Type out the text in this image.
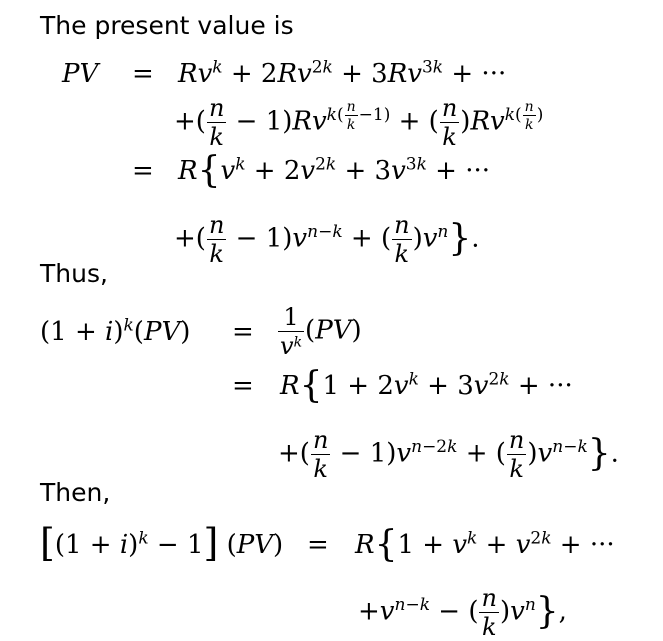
The present value is
PV = $Rv^k + 2Rv^{2k} + 3Rv^{3k}$ + ···
+( $\frac{n}{k} - 1)Rv^{k( \frac{n}{k} -1)}$ + ( $\frac{n}{k} )Rv^{k( \frac{n}{k} )}$
= $R\{v^k + 2v^{2k} + 3v^{3k}$ + ···
+( $\frac{n}{k} - 1)v^{n-k}$ + ( $\frac{n}{k} )v^n$}.
Thus,
$(1 + i)^k(PV) = \frac{1}{v^k} (PV)$
= $R\{1 + 2v^k + 3v^{2k}$ + ···
+( $\frac{n}{k} - 1)v^{n-2k}$ + ( $\frac{n}{k} )v^{n-k}$}.
Then,
$[(1 + i)^k - 1]$ $(PV) = R\{1 + v^k + v^{2k}$ + ···
$+v^{n-k}$ − ( $\frac{n}{k} )v^n$},
